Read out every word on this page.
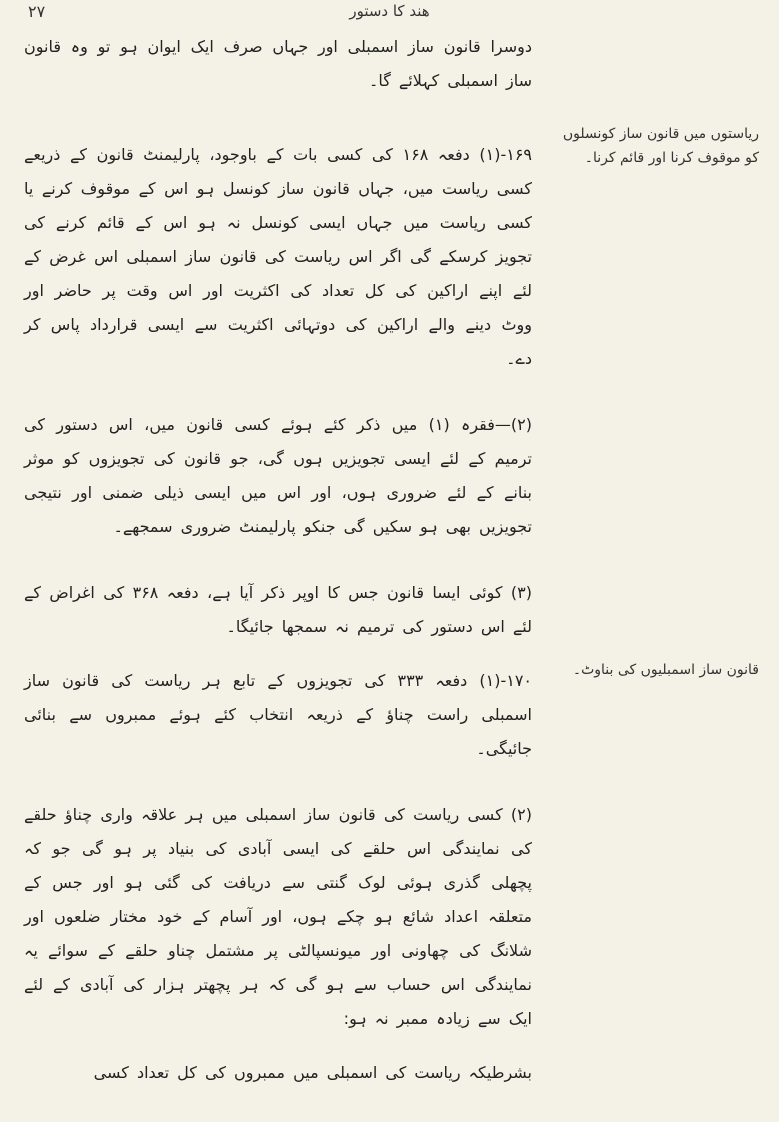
۲۷	ھند کا دستور

دوسرا قانون ساز اسمبلی اور جہاں صرف ایک ایوان ہو تو وہ قانون ساز اسمبلی کہلائے گا۔

۱۶۹-(۱) دفعہ ۱۶۸ کی کسی بات کے باوجود، پارلیمنٹ قانون کے ذریعے کسی ریاست میں، جہاں قانون ساز کونسل ہو اس کے موقوف کرنے یا کسی ریاست میں جہاں ایسی کونسل نہ ہو اس کے قائم کرنے کی تجویز کرسکے گی اگر اس ریاست کی قانون ساز اسمبلی اس غرض کے لئے اپنے اراکین کی کل تعداد کی اکثریت اور اس وقت پر حاضر اور ووٹ دینے والے اراکین کی دوتہائی اکثریت سے ایسی قرارداد پاس کر دے۔

(۲)—فقرہ (۱) میں ذکر کئے ہوئے کسی قانون میں، اس دستور کی ترمیم کے لئے ایسی تجویزیں ہوں گی، جو قانون کی تجویزوں کو موثر بنانے کے لئے ضروری ہوں، اور اس میں ایسی ذیلی ضمنی اور نتیجی تجویزیں بھی ہو سکیں گی جنکو پارلیمنٹ ضروری سمجھے۔

(۳) کوئی ایسا قانون جس کا اوپر ذکر آیا ہے، دفعہ ۳۶۸ کی اغراض کے لئے اس دستور کی ترمیم نہ سمجھا جائیگا۔

۱۷۰-(۱) دفعہ ۳۳۳ کی تجویزوں کے تابع ہر ریاست کی قانون ساز اسمبلی راست چناؤ کے ذریعہ انتخاب کئے ہوئے ممبروں سے بنائی جائیگی۔

(۲) کسی ریاست کی قانون ساز اسمبلی میں ہر علاقہ واری چناؤ حلقے کی نمایندگی اس حلقے کی ایسی آبادی کی بنیاد پر ہو گی جو کہ پچھلی گذری ہوئی لوک گنتی سے دریافت کی گئی ہو اور جس کے متعلقہ اعداد شائع ہو چکے ہوں، اور آسام کے خود مختار ضلعوں اور شلانگ کی چھاونی اور میونسپالٹی پر مشتمل چناو حلقے کے سوائے یہ نمایندگی اس حساب سے ہو گی کہ ہر پچھتر ہزار کی آبادی کے لئے ایک سے زیادہ ممبر نہ ہو:

بشرطیکہ ریاست کی اسمبلی میں ممبروں کی کل تعداد کسی

ریاستوں میں قانون ساز کونسلوں کو موقوف کرنا اور قائم کرنا۔

قانون ساز اسمبلیوں کی بناوٹ۔
